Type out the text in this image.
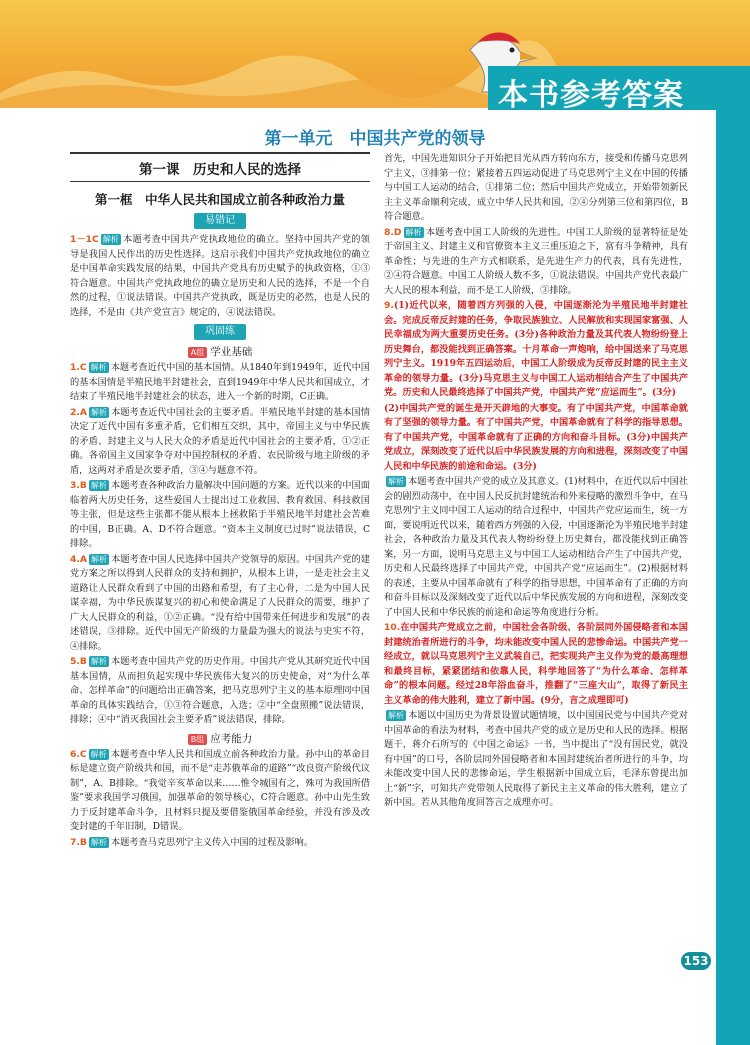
本书参考答案
153
第一单元　中国共产党的领导
第一课　历史和人民的选择
第一框　中华人民共和国成立前各种政治力量
易错记
1－1C 解析 本题考查中国共产党执政地位的确立。坚持中国共产党的领导是我国人民作出的历史性选择。这启示我们中国共产党执政地位的确立是中国革命实践发展的结果，中国共产党具有历史赋予的执政资格，①③符合题意。中国共产党执政地位的确立是历史和人民的选择，不是一个自然的过程，①说法错误。中国共产党执政，既是历史的必然，也是人民的选择，不是由《共产党宣言》规定的，④说法错误。
巩固练
A组 学业基础
1.C 解析 本题考查近代中国的基本国情。从1840年到1949年，近代中国的基本国情是半殖民地半封建社会，直到1949年中华人民共和国成立，才结束了半殖民地半封建社会的状态，进入一个新的时期，C正确。
2.A 解析 本题考查近代中国社会的主要矛盾。半殖民地半封建的基本国情决定了近代中国有多重矛盾，它们相互交织，其中，帝国主义与中华民族的矛盾、封建主义与人民大众的矛盾是近代中国社会的主要矛盾，①②正确。各帝国主义国家争夺对中国控制权的矛盾、农民阶级与地主阶级的矛盾，这两对矛盾是次要矛盾，③④与题意不符。
3.B 解析 本题考查各种政治力量解决中国问题的方案。近代以来的中国面临着两大历史任务，这些爱国人士提出过工业救国、教育救国、科技救国等主张，但是这些主张都不能从根本上拯救陷于半殖民地半封建社会苦难的中国，B正确。A、D不符合题意。“资本主义制度已过时”说法错误，C排除。
4.A 解析 本题考查中国人民选择中国共产党领导的原因。中国共产党的建党方案之所以得到人民群众的支持和拥护，从根本上讲，一是走社会主义道路让人民群众看到了中国的出路和希望，有了主心骨，二是为中国人民谋幸福，为中华民族谋复兴的初心和使命满足了人民群众的需要，维护了广大人民群众的利益，①②正确。“没有给中国带来任何进步和发展”的表述错误，③排除。近代中国无产阶级的力量最为强大的说法与史实不符，④排除。
5.B 解析 本题考查中国共产党的历史作用。中国共产党从其研究近代中国基本国情，从而担负起实现中华民族伟大复兴的历史使命，对“为什么革命、怎样革命”的问题给出正确答案，把马克思列宁主义的基本原理同中国革命的具体实践结合，①③符合题意，入选；②中“全盘照搬”说法错误，排除；④中“消灭我国社会主要矛盾”说法错误，排除。
B组 应考能力
6.C 解析 本题考查中华人民共和国成立前各种政治力量。孙中山的革命目标是建立资产阶级共和国，而不是“走苏俄革命的道路”“改良资产阶级代议制”，A、B排除。“我觉辛亥革命以来……惟令城国有之，殊可为我国所借鉴”要求我国学习俄国，加强革命的领导核心，C符合题意。孙中山先生致力于反封建革命斗争，且材料只提及要借鉴俄国革命经验，并没有涉及改变封建的千年旧制，D错误。
7.B 解析 本题考查马克思列宁主义传入中国的过程及影响。
首先，中国先进知识分子开始把目光从西方转向东方，接受和传播马克思列宁主义，③排第一位；紧接着五四运动促进了马克思列宁主义在中国的传播与中国工人运动的结合，①排第二位；然后中国共产党成立，开始带领新民主主义革命顺利完成，成立中华人民共和国，②④分列第三位和第四位，B符合题意。
8.D 解析 本题考查中国工人阶级的先进性。中国工人阶级的显著特征是处于帝国主义、封建主义和官僚资本主义三重压迫之下，富有斗争精神，具有革命性；与先进的生产方式相联系，是先进生产力的代表，具有先进性，②④符合题意。中国工人阶级人数不多，①说法错误。中国共产党代表最广大人民的根本利益，而不是工人阶级，③排除。
9.(1)近代以来，随着西方列强的入侵，中国逐渐沦为半殖民地半封建社会。完成反帝反封建的任务，争取民族独立、人民解放和实现国家富强、人民幸福成为两大重要历史任务。(3分)各种政治力量及其代表人物纷纷登上历史舞台，都没能找到正确答案。十月革命一声炮响，给中国送来了马克思列宁主义。1919年五四运动后，中国工人阶级成为反帝反封建的民主主义革命的领导力量。(3分)马克思主义与中国工人运动相结合产生了中国共产党。历史和人民最终选择了中国共产党，中国共产党“应运而生”。(3分)
(2)中国共产党的诞生是开天辟地的大事变。有了中国共产党，中国革命就有了坚强的领导力量。有了中国共产党，中国革命就有了科学的指导思想。有了中国共产党，中国革命就有了正确的方向和奋斗目标。(3分)中国共产党成立，深刻改变了近代以后中华民族发展的方向和进程，深刻改变了中国人民和中华民族的前途和命运。(3分)
解析 本题考查中国共产党的成立及其意义。(1)材料中，在近代以后中国社会的剧烈动荡中，在中国人民反抗封建统治和外来侵略的激烈斗争中，在马克思列宁主义同中国工人运动的结合过程中，中国共产党应运而生，统一方面，要说明近代以来，随着西方列强的入侵，中国逐渐沦为半殖民地半封建社会，各种政治力量及其代表人物纷纷登上历史舞台，都没能找到正确答案，另一方面，说明马克思主义与中国工人运动相结合产生了中国共产党，历史和人民最终选择了中国共产党，中国共产党“应运而生”。(2)根据材料的表述，主要从中国革命就有了科学的指导思想，中国革命有了正确的方向和奋斗目标以及深刻改变了近代以后中华民族发展的方向和进程，深刻改变了中国人民和中华民族的前途和命运等角度进行分析。
10.在中国共产党成立之前，中国社会各阶级、各阶层同外国侵略者和本国封建统治者所进行的斗争，均未能改变中国人民的悲惨命运。中国共产党一经成立，就以马克思列宁主义武装自己，把实现共产主义作为党的最高理想和最终目标，紧紧团结和依靠人民，科学地回答了“为什么革命、怎样革命”的根本问题。经过28年浴血奋斗，推翻了“三座大山”，取得了新民主主义革命的伟大胜利，建立了新中国。(9分，言之成理即可)
解析 本题以中国历史为背景设置试题情境，以中国国民党与中国共产党对中国革命的看法为材料，考查中国共产党的成立是历史和人民的选择。根据题干，蒋介石所写的《中国之命运》一书，当中提出了“没有国民党，就没有中国”的口号，各阶层同外国侵略者和本国封建统治者所进行的斗争，均未能改变中国人民的悲惨命运，学生根据新中国成立后，毛泽东曾提出加上“新”字，可知共产党带领人民取得了新民主主义革命的伟大胜利，建立了新中国。若从其他角度回答言之成理亦可。
